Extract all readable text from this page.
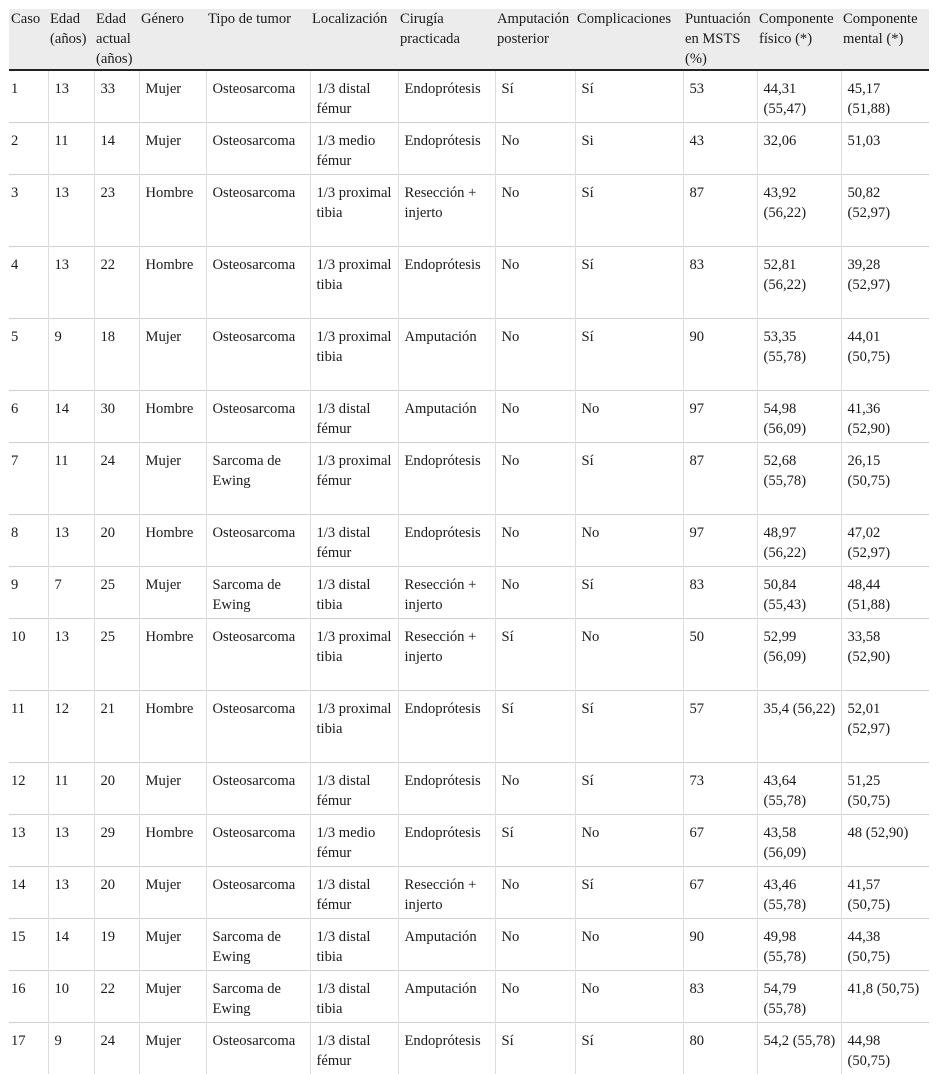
Caso	Edad (años)	Edad actual (años)	Género	Tipo de tumor	Localización	Cirugía practicada	Amputación posterior	Complicaciones	Puntuación en MSTS (%)	Componente físico (*)	Componente mental (*)
1	13	33	Mujer	Osteosarcoma	1/3 distal fémur	Endoprótesis	Sí	Sí	53	44,31 (55,47)	45,17 (51,88)
2	11	14	Mujer	Osteosarcoma	1/3 medio fémur	Endoprótesis	No	Si	43	32,06	51,03
3	13	23	Hombre	Osteosarcoma	1/3 proximal tibia	Resección + injerto	No	Sí	87	43,92 (56,22)	50,82 (52,97)
4	13	22	Hombre	Osteosarcoma	1/3 proximal tibia	Endoprótesis	No	Sí	83	52,81 (56,22)	39,28 (52,97)
5	9	18	Mujer	Osteosarcoma	1/3 proximal tibia	Amputación	No	Sí	90	53,35 (55,78)	44,01 (50,75)
6	14	30	Hombre	Osteosarcoma	1/3 distal fémur	Amputación	No	No	97	54,98 (56,09)	41,36 (52,90)
7	11	24	Mujer	Sarcoma de Ewing	1/3 proximal fémur	Endoprótesis	No	Sí	87	52,68 (55,78)	26,15 (50,75)
8	13	20	Hombre	Osteosarcoma	1/3 distal fémur	Endoprótesis	No	No	97	48,97 (56,22)	47,02 (52,97)
9	7	25	Mujer	Sarcoma de Ewing	1/3 distal tibia	Resección + injerto	No	Sí	83	50,84 (55,43)	48,44 (51,88)
10	13	25	Hombre	Osteosarcoma	1/3 proximal tibia	Resección + injerto	Sí	No	50	52,99 (56,09)	33,58 (52,90)
11	12	21	Hombre	Osteosarcoma	1/3 proximal tibia	Endoprótesis	Sí	Sí	57	35,4 (56,22)	52,01 (52,97)
12	11	20	Mujer	Osteosarcoma	1/3 distal fémur	Endoprótesis	No	Sí	73	43,64 (55,78)	51,25 (50,75)
13	13	29	Hombre	Osteosarcoma	1/3 medio fémur	Endoprótesis	Sí	No	67	43,58 (56,09)	48 (52,90)
14	13	20	Mujer	Osteosarcoma	1/3 distal fémur	Resección + injerto	No	Sí	67	43,46 (55,78)	41,57 (50,75)
15	14	19	Mujer	Sarcoma de Ewing	1/3 distal tibia	Amputación	No	No	90	49,98 (55,78)	44,38 (50,75)
16	10	22	Mujer	Sarcoma de Ewing	1/3 distal tibia	Amputación	No	No	83	54,79 (55,78)	41,8 (50,75)
17	9	24	Mujer	Osteosarcoma	1/3 distal fémur	Endoprótesis	Sí	Sí	80	54,2 (55,78)	44,98 (50,75)
